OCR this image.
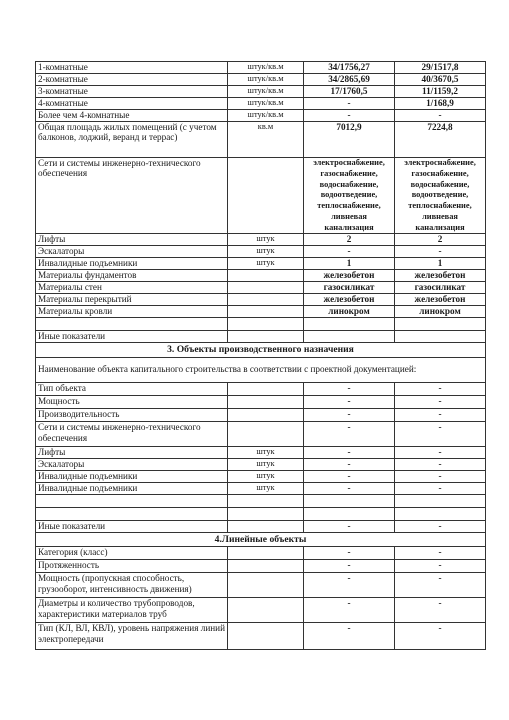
1-комнатные	штук/кв.м	34/1756,27	29/1517,8
2-комнатные	штук/кв.м	34/2865,69	40/3670,5
3-комнатные	штук/кв.м	17/1760,5	11/1159,2
4-комнатные	штук/кв.м	-	1/168,9
Более чем 4-комнатные	штук/кв.м	-	-
Общая площадь жилых помещений (с учетом балконов, лоджий, веранд и террас)	кв.м	7012,9	7224,8
Сети и системы инженерно-технического обеспечения		электроснабжение, газоснабжение, водоснабжение, водоотведение, теплоснабжение, ливневая канализация	электроснабжение, газоснабжение, водоснабжение, водоотведение, теплоснабжение, ливневая канализация
Лифты	штук	2	2
Эскалаторы	штук	-	-
Инвалидные подъемники	штук	1	1
Материалы фундаментов		железобетон	железобетон
Материалы стен		газосиликат	газосиликат
Материалы перекрытий		железобетон	железобетон
Материалы кровли		линокром	линокром

Иные показатели			
3. Объекты производственного назначения			
Наименование объекта капитального строительства в соответствии с проектной документацией:			
Тип объекта		-	-
Мощность		-	-
Производительность		-	-
Сети и системы инженерно-технического обеспечения		-	-
Лифты	штук	-	-
Эскалаторы	штук	-	-
Инвалидные подъемники	штук	-	-
Инвалидные подъемники	штук	-	-

Иные показатели		-	-
4.Линейные объекты			
Категория (класс)		-	-
Протяженность		-	-
Мощность (пропускная способность, грузооборот, интенсивность движения)		-	-
Диаметры и количество трубопроводов, характеристики материалов труб		-	-
Тип (КЛ, ВЛ, КВЛ), уровень напряжения линий электропередачи		-	-
